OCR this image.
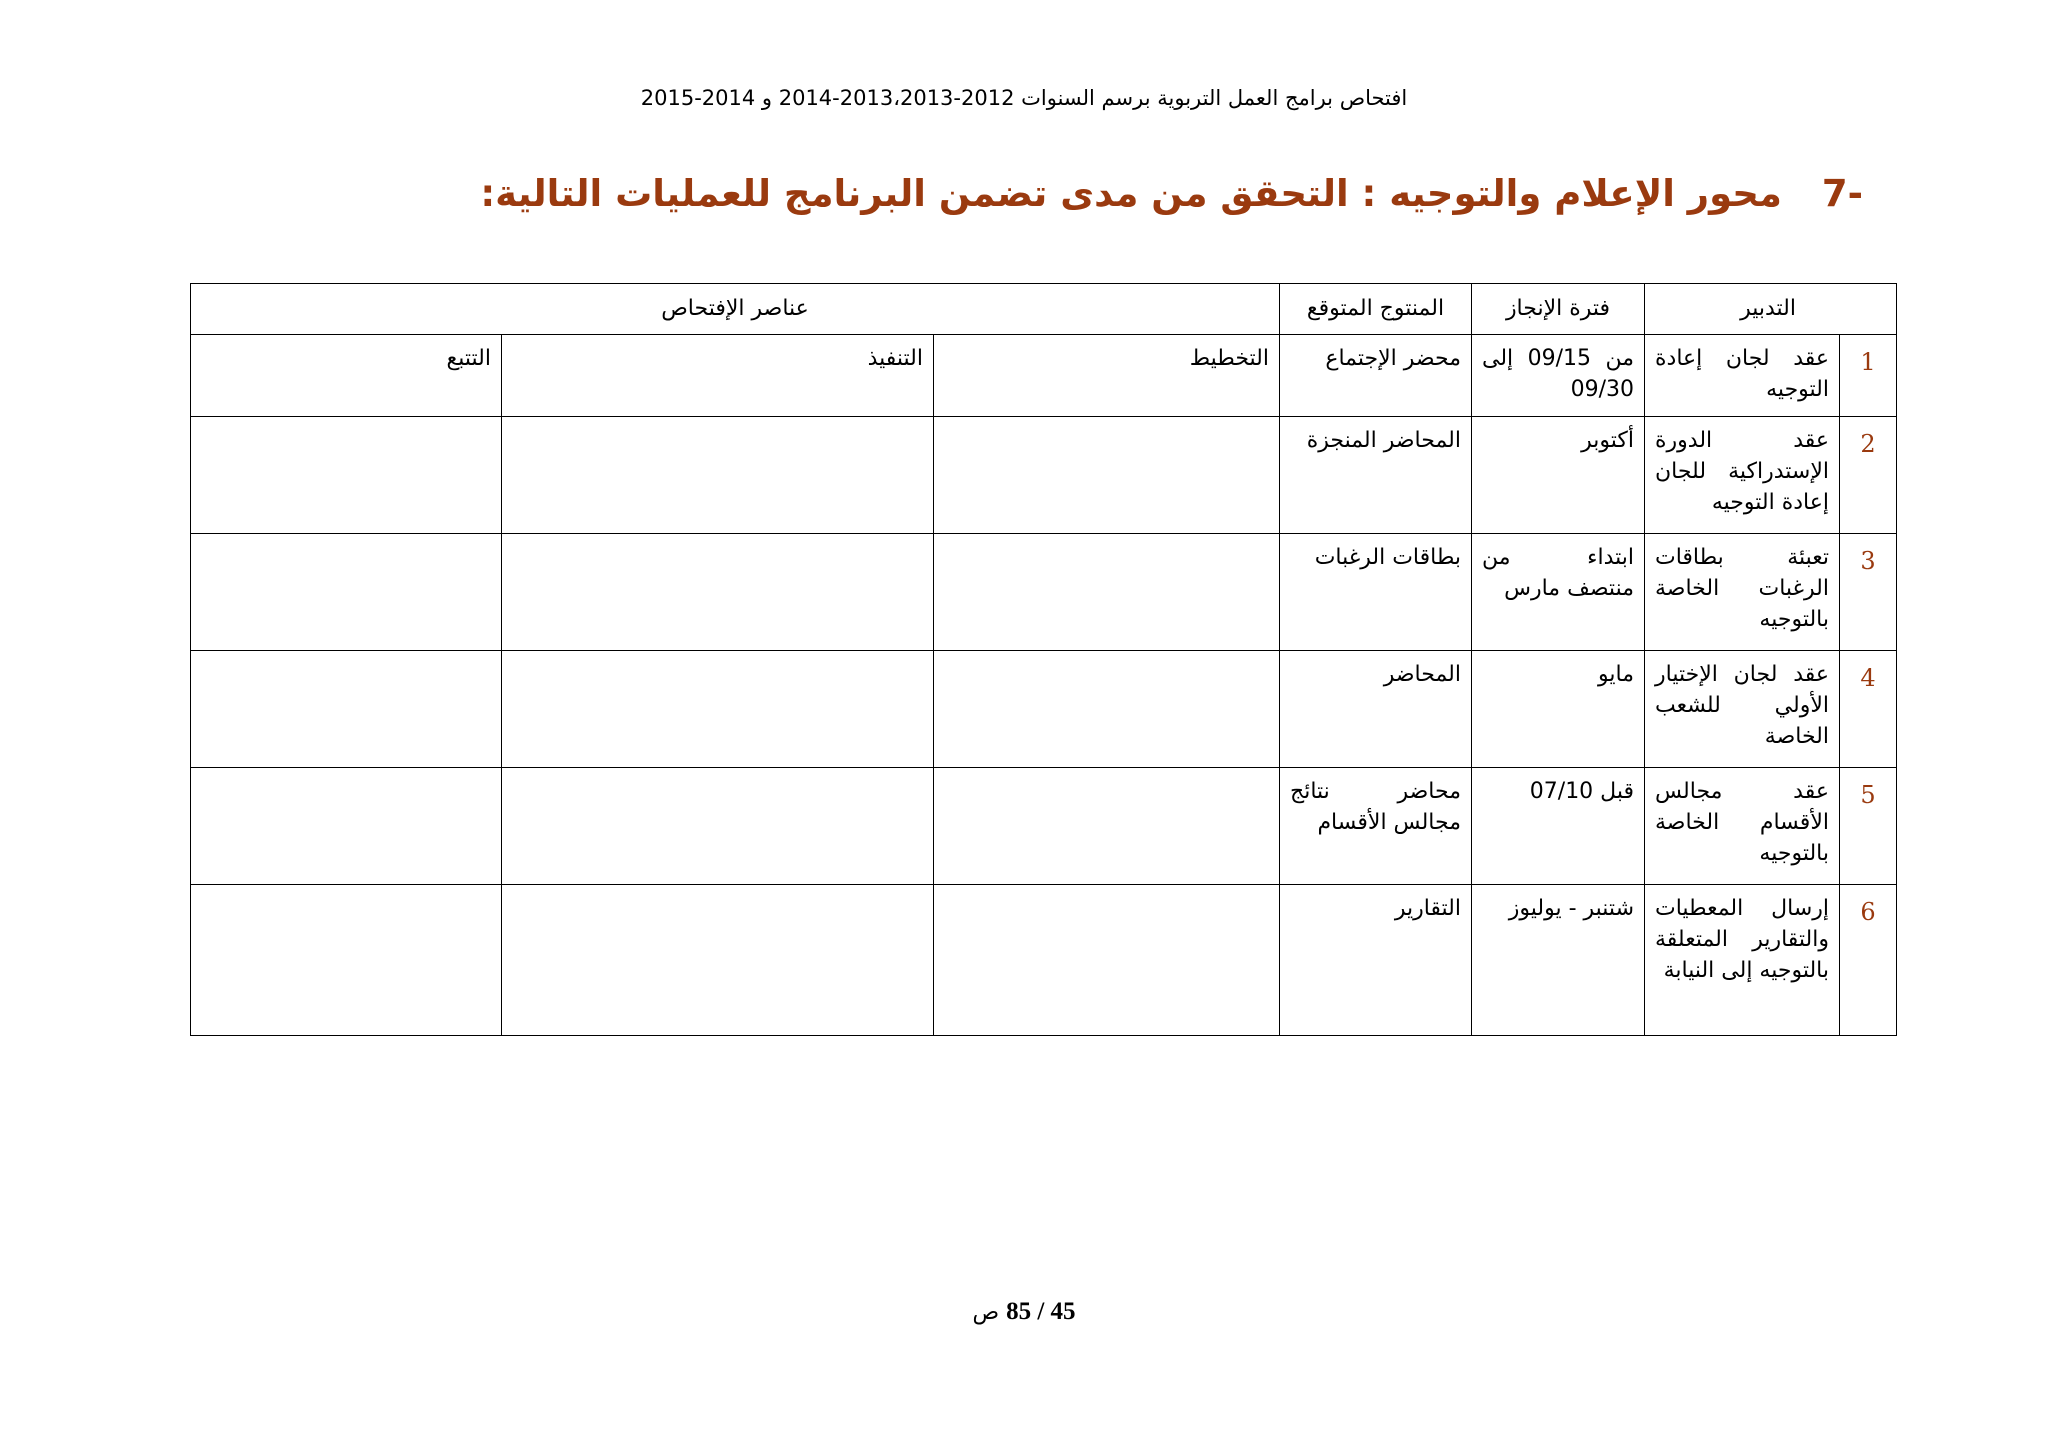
افتحاص برامج العمل التربوية برسم السنوات 2012-2013،2013-2014 و 2014-2015
-7محور الإعلام والتوجيه : التحقق من مدى تضمن البرنامج للعمليات التالية:
التدبير		فترة الإنجاز	المنتوج المتوقع	عناصر الإفتحاص		
1	عقد لجان إعادة التوجيه	من 09/15 إلى 09/30	محضر الإجتماع	التخطيط	التنفيذ	التتبع
2	عقد الدورة الإستدراكية للجان إعادة التوجيه	أكتوبر	المحاضر المنجزة			
3	تعبئة بطاقات الرغبات الخاصة بالتوجيه	ابتداء من منتصف مارس	بطاقات الرغبات			
4	عقد لجان الإختيار الأولي للشعب الخاصة	مايو	المحاضر			
5	عقد مجالس الأقسام الخاصة بالتوجيه	قبل 07/10	محاضر نتائج مجالس الأقسام			
6	إرسال المعطيات والتقارير المتعلقة بالتوجيه إلى النيابة	شتنبر - يوليوز	التقارير			
85 / 45 ص
